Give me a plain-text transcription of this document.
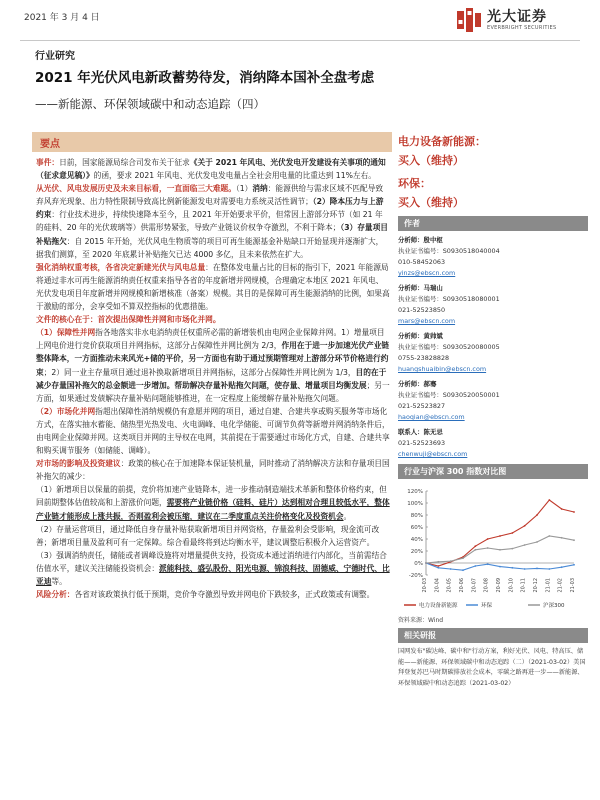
2021 年 3 月 4 日	光大证券
EVERBRIGHT SECURITIES
行业研究
2021 年光伏风电新政蓄势待发，消纳降本国补全盘考虑
——新能源、环保领域碳中和动态追踪（四）
要点

事件：日前，国家能源局综合司发布关于征求《关于 2021 年风电、光伏发电开发建设有关事项的通知（征求意见稿）》的函，要求 2021 年风电、光伏发电发电量占全社会用电量的比重达到 11%左右。

从光伏、风电发展历史及未来目标看，一直面临三大难题。（1）消纳：能源供给与需求区域不匹配导致弃风弃光现象、出力特性限制导致高比例新能源发电对需要电力系统灵活性调节；（2）降本压力与上游约束：行业技术进步，持续快速降本至今，且 2021 年开始要求平价，但常因上游部分环节（如 21 年的硅料、20 年的光伏玻璃等）供需形势紧张，导致产业链议价权争夺激烈，不利于降本；（3）存量项目补贴拖欠：自 2015 年开始，光伏风电生物质等的项目可再生能源基金补贴缺口开始显现并逐渐扩大，据我们测算，至 2020 年底累计补贴拖欠已达 4000 多亿，且未来依然在扩大。

强化消纳权重考核，各省决定新建光伏与风电总量：在整体发电量占比的目标的指引下，2021 年能源局将通过非水可再生能源消纳责任权重来指导各省的年度新增并网规模，合理确定本地区 2021 年风电、光伏发电项目年度新增并网规模和新增核准（备案）规模。其目的是保障可再生能源消纳的比例，如果高于激励的部分，会享受如不算双控指标的优惠措施。

文件的核心在于：首次提出保障性并网和市场化并网。

（1）保障性并网指各地落实非水电消纳责任权重所必需的新增装机由电网企业保障并网。1）增量项目上网电价进行竞价获取项目并网指标，这部分占保障性并网比例为 2/3，作用在于进一步加速光伏产业链整体降本，一方面推动未来风光+储的平价，另一方面也有助于通过预期管理对上游部分环节价格进行约束；2）同一业主存量项目通过退补换取新增项目并网指标，这部分占保障性并网比例为 1/3，目的在于减少存量国补拖欠的总金额进一步增加。帮助解决存量补贴拖欠问题，使存量、增量项目均衡发展；另一方面，如果通过发债解决存量补贴问题能够推进，在一定程度上能缓解存量补贴拖欠问题。

（2）市场化并网指超出保障性消纳规模仍有意愿并网的项目，通过自建、合建共享或购买服务等市场化方式，在落实抽水蓄能、储热型光热发电、火电调峰、电化学储能、可调节负荷等新增并网消纳条件后，由电网企业保障并网。这类项目并网的主导权在电网，其前提在于需要通过市场化方式，自建、合建共享和购买调节服务（如储能、调峰）。

对市场的影响及投资建议：政策的核心在于加速降本保证装机量，同时推动了消纳解决方法和存量项目国补拖欠的减少：

（1）新增项目以保量的前提，竞价将加速产业链降本，进一步推动制造端技术革新和整体价格约束，但回前期整体估值较高和上游涨价问题，需要将产业链价格（硅料、硅片）达到相对合理且较低水平，整体产业链才能形成上涨共振，否则盈利会被压缩，建议在二季度重点关注价格变化及投资机会。

（2）存量运营项目，通过降低自身存量补贴获取新增项目并网资格，存量盈利会受影响，现金流可改善；新增项目量及盈利可有一定保障。综合看最终将到达均衡水平，建议调整后积极介入运营资产。

（3）强调消纳责任，储能或者调峰设施将对增量提供支持，投资成本通过消纳进行内部化，当前需结合估值水平，建议关注储能投资机会：派能科技、盛弘股份、阳光电源、锦浪科技、固德威、宁德时代、比亚迪等。

风险分析：各省对该政策执行低于预期，竞价争夺激烈导致并网电价下跌较多，正式政策或有调整。

电力设备新能源：
买入（维持）
环保：
买入（维持）
作者
分析师：殷中枢
执业证书编号：S0930518040004
010-58452063
yinzs@ebscn.com
分析师：马瑞山
执业证书编号：S0930518080001
021-52523850
mars@ebscn.com
分析师：黄帅斌
执业证书编号：S0930520080005
0755-23828828
huangshuaibin@ebscn.com
分析师：郝骞
执业证书编号：S0930520050001
021-52523827
haoqian@ebscn.com
联系人：陈无忌
021-52523693
chenwuji@ebscn.com
行业与沪深 300 指数对比图
120%
100%
80%
60%
40%
20%
0%
-20%
20-03 20-04 20-05 20-06 20-07 20-08 20-09 20-10 20-11 20-12 21-01 21-02 21-03
电力设备新能源	环保	沪深300
资料来源：Wind
相关研报
国网发布"碳达峰、碳中和"行动方案，利好光伏、风电、特高压、储能——新能源、环保领域碳中和动态追踪（二）（2021-03-02）美国拜登复苏巴马时期碳排放社会成本，零碳之路再进一步——新能源、环保领域碳中和动态追踪（2021-03-02）
